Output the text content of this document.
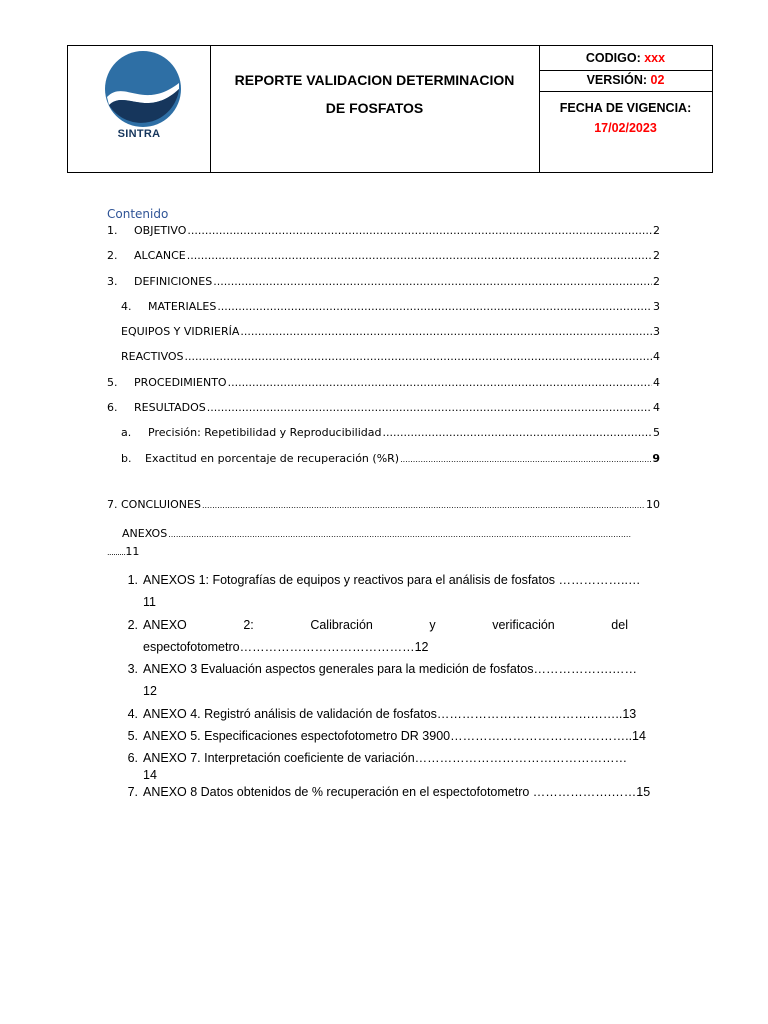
SINTRA
REPORTE VALIDACION DETERMINACION
DE FOSFATOS
CODIGO: xxx
VERSIÓN: 02
FECHA DE VIGENCIA:
17/02/2023
Contenido
1.	OBJETIVO .....	2
2.	ALCANCE .....	2
3.	DEFINICIONES .....	2
4.	MATERIALES .....	3
EQUIPOS Y VIDRIERÍA .....	3
REACTIVOS .....	4
5.	PROCEDIMIENTO .....	4
6.	RESULTADOS .....	4
a.	Precisión: Repetibilidad y Reproducibilidad .....	5
b.	Exactitud en porcentaje de recuperación (%R) .....	9
7. CONCLUIONES .....	10
ANEXOS
.....
......... 11
1. ANEXOS 1: Fotografías de equipos y reactivos para el análisis de fosfatos ……………..…
11
2. ANEXO 2: Calibración y verificación del
espectofotometro……………………………………12
3. ANEXO 3 Evaluación aspectos generales para la medición de fosfatos……………….……
12
4. ANEXO 4. Registró análisis de validación de fosfatos……………………………….……..13
5. ANEXO 5. Especificaciones espectofotometro DR 3900……………………………………..14
6. ANEXO 7. Interpretación coeficiente de variación……………………………………………
14
7. ANEXO 8 Datos obtenidos de % recuperación en el espectofotometro ……………….……15
